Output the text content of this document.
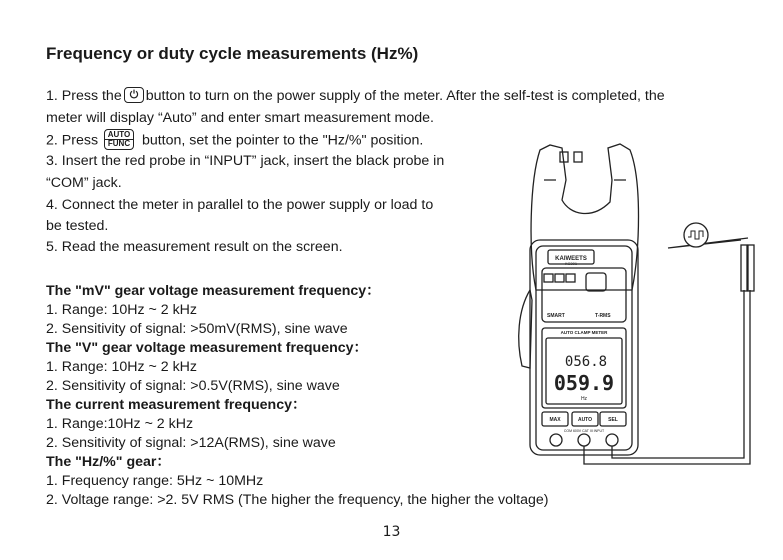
Frequency or duty cycle measurements (Hz%)
1. Press the button to turn on the power supply of the meter. After the self-test is completed, the
meter will display “Auto” and enter smart measurement mode.
2. Press	AUTO
FUNC button, set the pointer to the "Hz/%" position.
3. Insert the red probe in “INPUT” jack, insert the black probe in
“COM” jack.
4. Connect the meter in parallel to the power supply or load to
be tested.
5. Read the measurement result on the screen.
The "mV" gear voltage measurement frequency：
1. Range: 10Hz ~ 2 kHz
2. Sensitivity of signal: >50mV(RMS), sine wave
The "V" gear voltage measurement frequency：
1. Range: 10Hz ~ 2 kHz
2. Sensitivity of signal: >0.5V(RMS), sine wave
The current measurement frequency：
1. Range:10Hz ~ 2 kHz
2. Sensitivity of signal: >12A(RMS), sine wave
The "Hz/%" gear：
1. Frequency range: 5Hz ~ 10MHz
2. Voltage range: >2. 5V RMS (The higher the frequency, the higher the voltage)
KAIWEETS
KC301
SMART	T-RMS
AUTO CLAMP METER
056.8
059.9
Hz
MAX	AUTO	SEL
COM 600V CAT III INPUT
13
